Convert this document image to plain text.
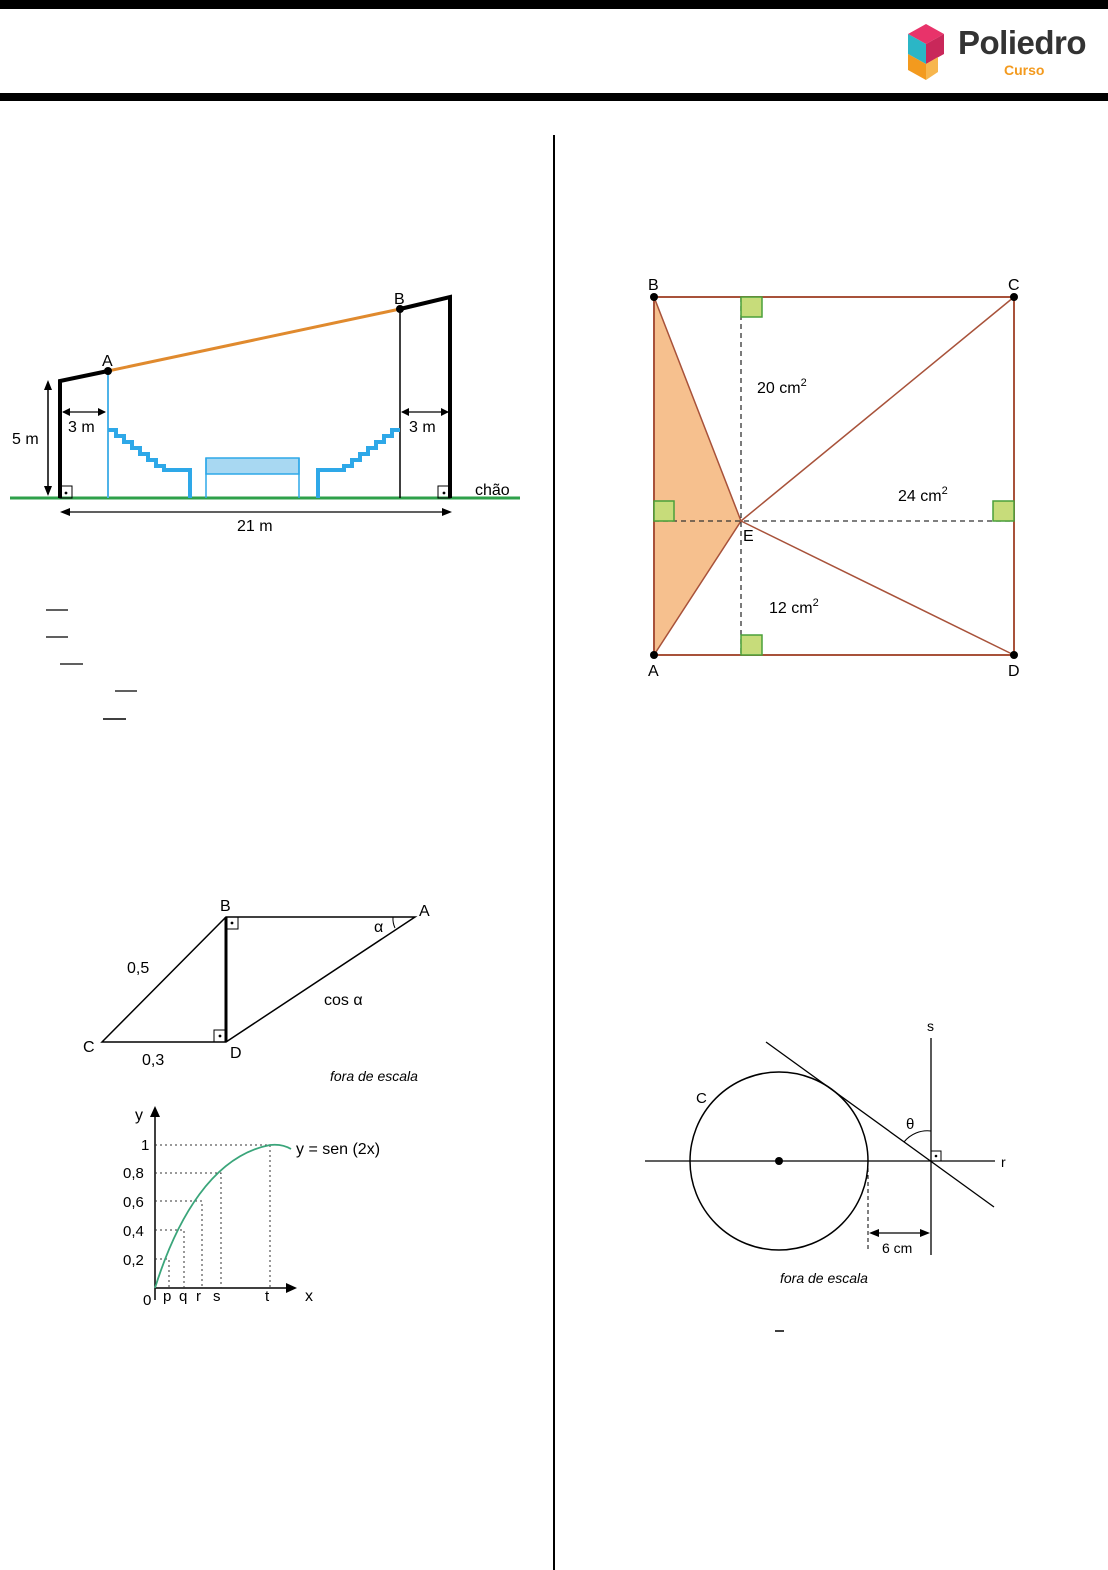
Poliedro
Curso
A
B
5 m
3 m	3 m
chão
21 m
B	C
A	D
E
20 $cm^2$
24 $cm^2$
12 $cm^2$
B	A
C	D
α
0,5
0,3
cos α
fora de escala
y
x
1
0,8
0,6
0,4
0,2
0 p q r s	t
y = sen (2x)
C
s
r
θ
6 cm
fora de escala
